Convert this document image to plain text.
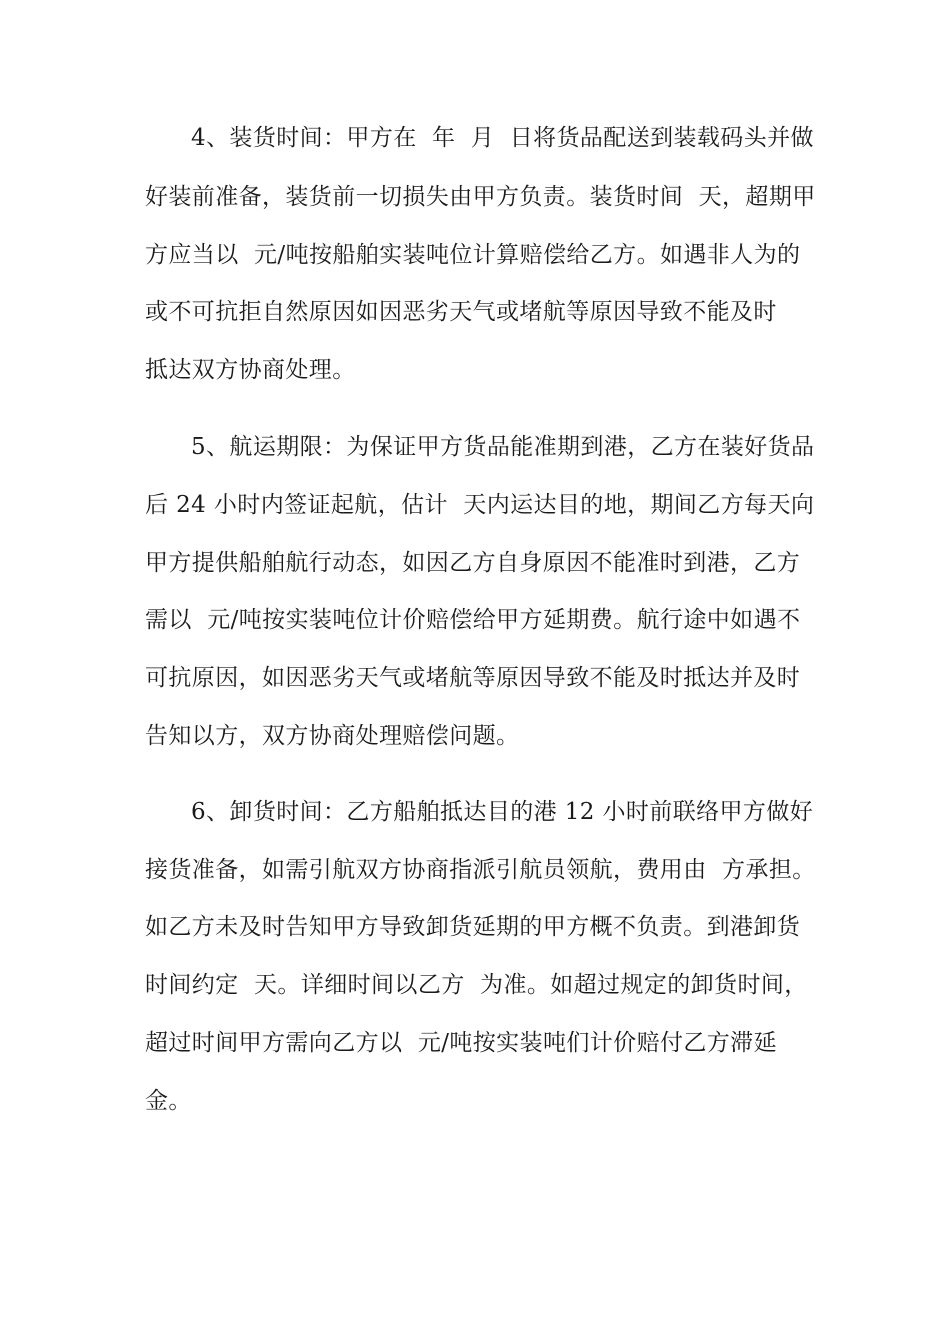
4、装货时间：甲方在  年  月  日将货品配送到装载码头并做
好装前准备，装货前一切损失由甲方负责。装货时间  天，超期甲
方应当以  元/吨按船舶实装吨位计算赔偿给乙方。如遇非人为的
或不可抗拒自然原因如因恶劣天气或堵航等原因导致不能及时
抵达双方协商处理。
5、航运期限：为保证甲方货品能准期到港，乙方在装好货品
后 24 小时内签证起航，估计  天内运达目的地，期间乙方每天向
甲方提供船舶航行动态，如因乙方自身原因不能准时到港，乙方
需以  元/吨按实装吨位计价赔偿给甲方延期费。航行途中如遇不
可抗原因，如因恶劣天气或堵航等原因导致不能及时抵达并及时
告知以方，双方协商处理赔偿问题。
6、卸货时间：乙方船舶抵达目的港 12 小时前联络甲方做好
接货准备，如需引航双方协商指派引航员领航，费用由  方承担。
如乙方未及时告知甲方导致卸货延期的甲方概不负责。到港卸货
时间约定  天。详细时间以乙方  为准。如超过规定的卸货时间，
超过时间甲方需向乙方以  元/吨按实装吨们计价赔付乙方滞延
金。
